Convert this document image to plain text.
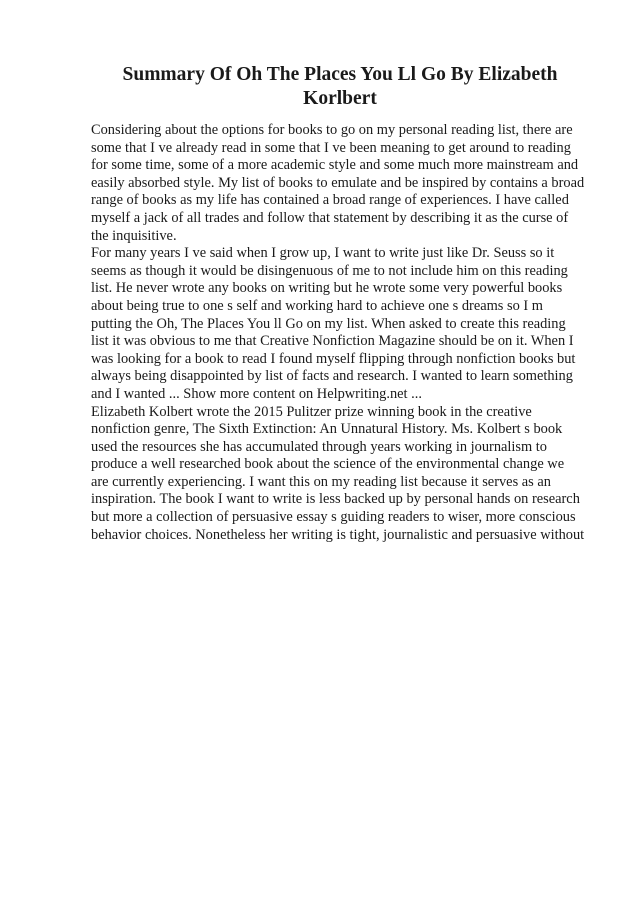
Summary Of Oh The Places You Ll Go By Elizabeth
Korlbert
Considering about the options for books to go on my personal reading list, there are
some that I ve already read in some that I ve been meaning to get around to reading
for some time, some of a more academic style and some much more mainstream and
easily absorbed style. My list of books to emulate and be inspired by contains a broad
range of books as my life has contained a broad range of experiences. I have called
myself a jack of all trades and follow that statement by describing it as the curse of
the inquisitive.
For many years I ve said when I grow up, I want to write just like Dr. Seuss so it
seems as though it would be disingenuous of me to not include him on this reading
list. He never wrote any books on writing but he wrote some very powerful books
about being true to one s self and working hard to achieve one s dreams so I m
putting the Oh, The Places You ll Go on my list. When asked to create this reading
list it was obvious to me that Creative Nonfiction Magazine should be on it. When I
was looking for a book to read I found myself flipping through nonfiction books but
always being disappointed by list of facts and research. I wanted to learn something
and I wanted ... Show more content on Helpwriting.net ...
Elizabeth Kolbert wrote the 2015 Pulitzer prize winning book in the creative
nonfiction genre, The Sixth Extinction: An Unnatural History. Ms. Kolbert s book
used the resources she has accumulated through years working in journalism to
produce a well researched book about the science of the environmental change we
are currently experiencing. I want this on my reading list because it serves as an
inspiration. The book I want to write is less backed up by personal hands on research
but more a collection of persuasive essay s guiding readers to wiser, more conscious
behavior choices. Nonetheless her writing is tight, journalistic and persuasive without
